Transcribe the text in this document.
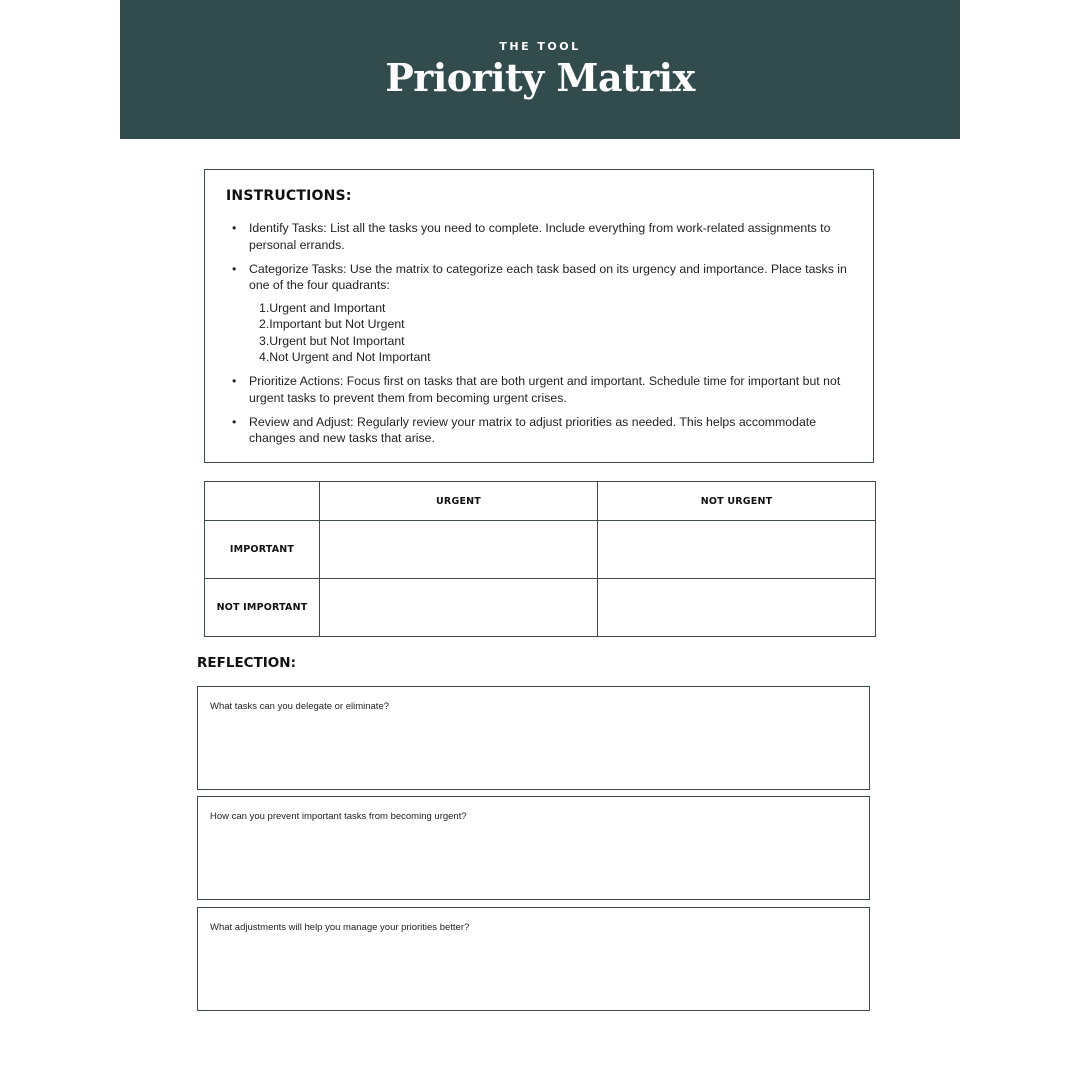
THE TOOL
Priority Matrix
INSTRUCTIONS:
• Identify Tasks: List all the tasks you need to complete. Include everything from work-related assignments to personal errands.
• Categorize Tasks: Use the matrix to categorize each task based on its urgency and importance. Place tasks in one of the four quadrants:
1.Urgent and Important
2.Important but Not Urgent
3.Urgent but Not Important
4.Not Urgent and Not Important
• Prioritize Actions: Focus first on tasks that are both urgent and important. Schedule time for important but not urgent tasks to prevent them from becoming urgent crises.
• Review and Adjust: Regularly review your matrix to adjust priorities as needed. This helps accommodate changes and new tasks that arise.
	URGENT	NOT URGENT
IMPORTANT		
NOT IMPORTANT		
REFLECTION:
What tasks can you delegate or eliminate?
How can you prevent important tasks from becoming urgent?
What adjustments will help you manage your priorities better?
